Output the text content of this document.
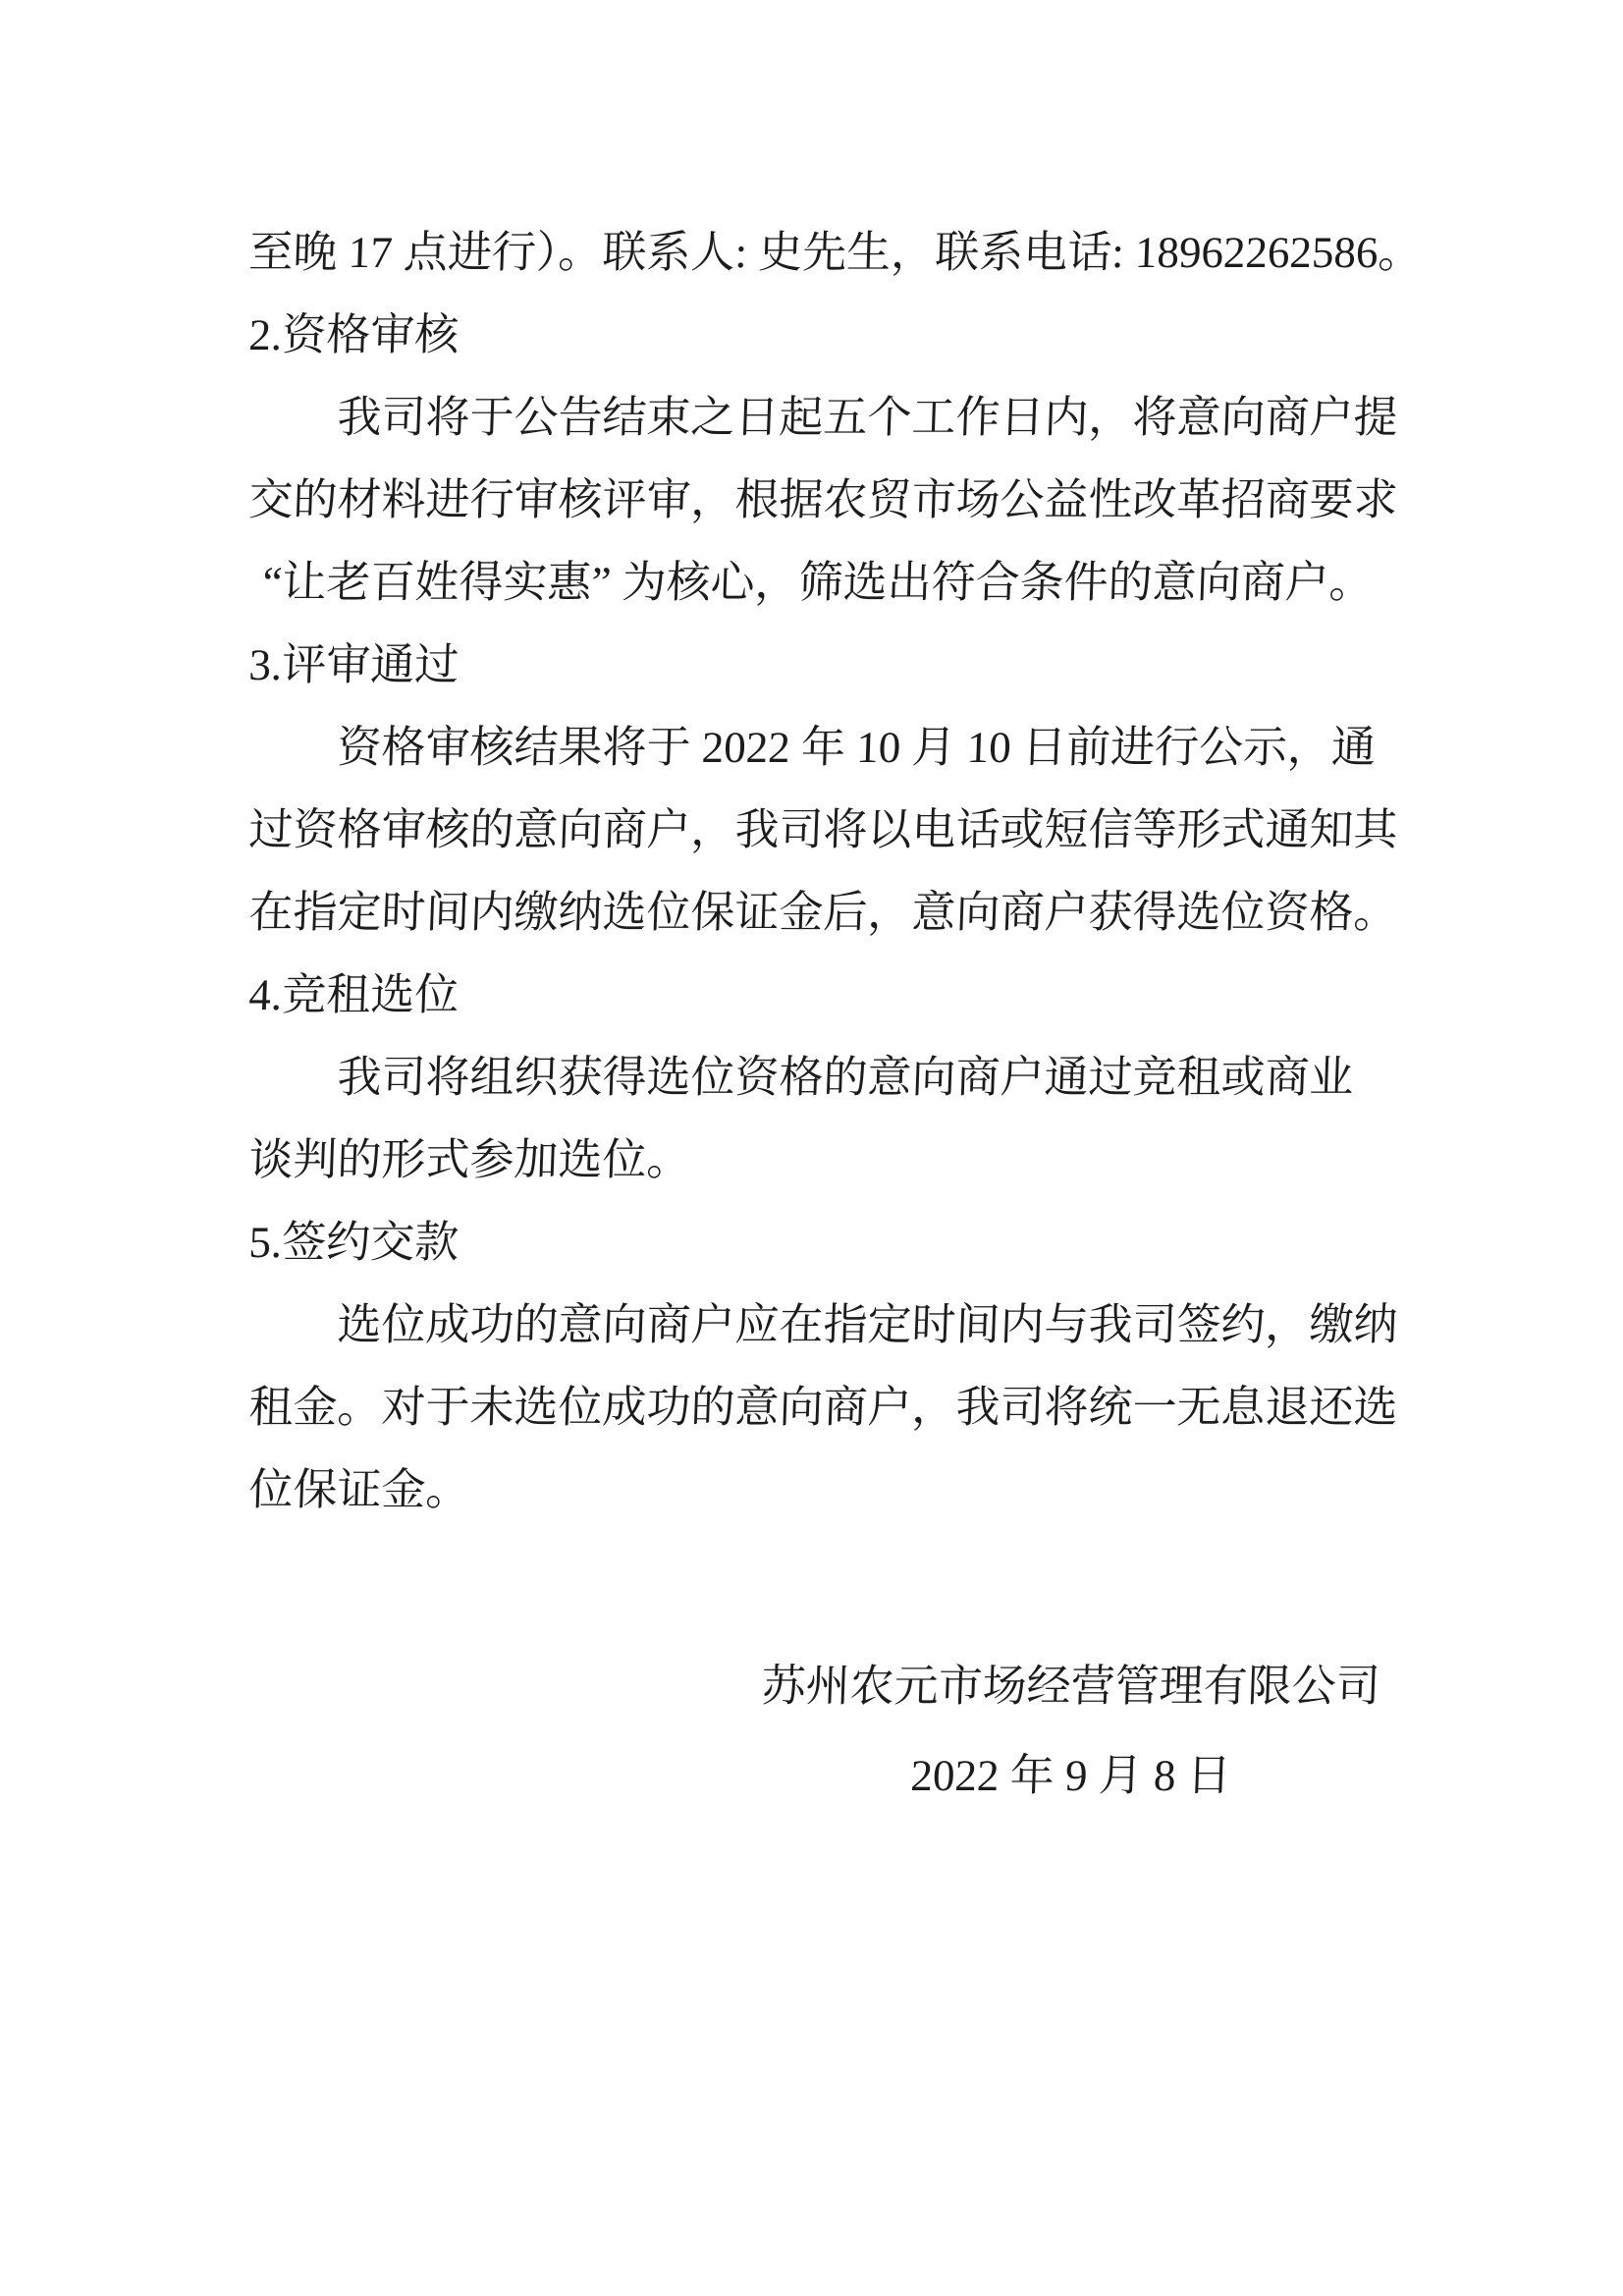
至晚 17 点进行）。联系人: 史先生，联系电话: 18962262586。
2.资格审核
我司将于公告结束之日起五个工作日内，将意向商户提
交的材料进行审核评审，根据农贸市场公益性改革招商要求
“让老百姓得实惠” 为核心，筛选出符合条件的意向商户。
3.评审通过
资格审核结果将于 2022 年 10 月 10 日前进行公示，通
过资格审核的意向商户，我司将以电话或短信等形式通知其
在指定时间内缴纳选位保证金后，意向商户获得选位资格。
4.竞租选位
我司将组织获得选位资格的意向商户通过竞租或商业
谈判的形式参加选位。
5.签约交款
选位成功的意向商户应在指定时间内与我司签约，缴纳
租金。对于未选位成功的意向商户，我司将统一无息退还选
位保证金。
苏州农元市场经营管理有限公司
2022 年 9 月 8 日
